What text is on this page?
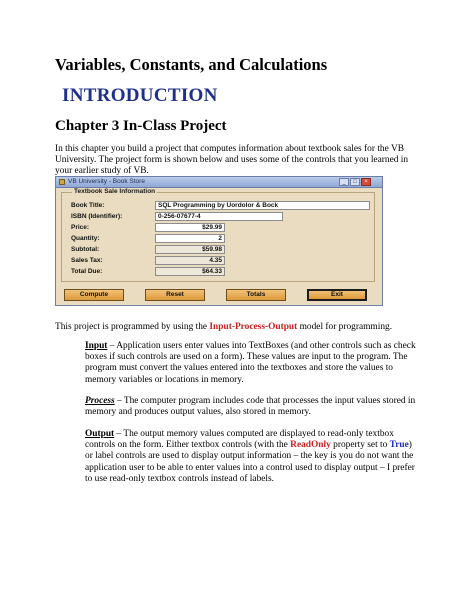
Variables, Constants, and Calculations
INTRODUCTION
Chapter 3 In-Class Project
In this chapter you build a project that computes information about textbook sales for the VB
University. The project form is shown below and uses some of the controls that you learned in
your earlier study of VB.
VB University - Book Store	_	□	×
Textbook Sale Information
Book Title:	SQL Programming by Uordolor & Bock
ISBN (Identifier):	0-256-07677-4
Price:	$29.99
Quantity:	2
Subtotal:	$59.98
Sales Tax:	4.35
Total Due:	$64.33
Compute	Reset	Totals	Exit
This project is programmed by using the Input-Process-Output model for programming.
Input – Application users enter values into TextBoxes (and other controls such as check
boxes if such controls are used on a form). These values are input to the program. The
program must convert the values entered into the textboxes and store the values to
memory variables or locations in memory.
Process – The computer program includes code that processes the input values stored in
memory and produces output values, also stored in memory.
Output – The output memory values computed are displayed to read-only textbox
controls on the form. Either textbox controls (with the ReadOnly property set to True)
or label controls are used to display output information – the key is you do not want the
application user to be able to enter values into a control used to display output – I prefer
to use read-only textbox controls instead of labels.
